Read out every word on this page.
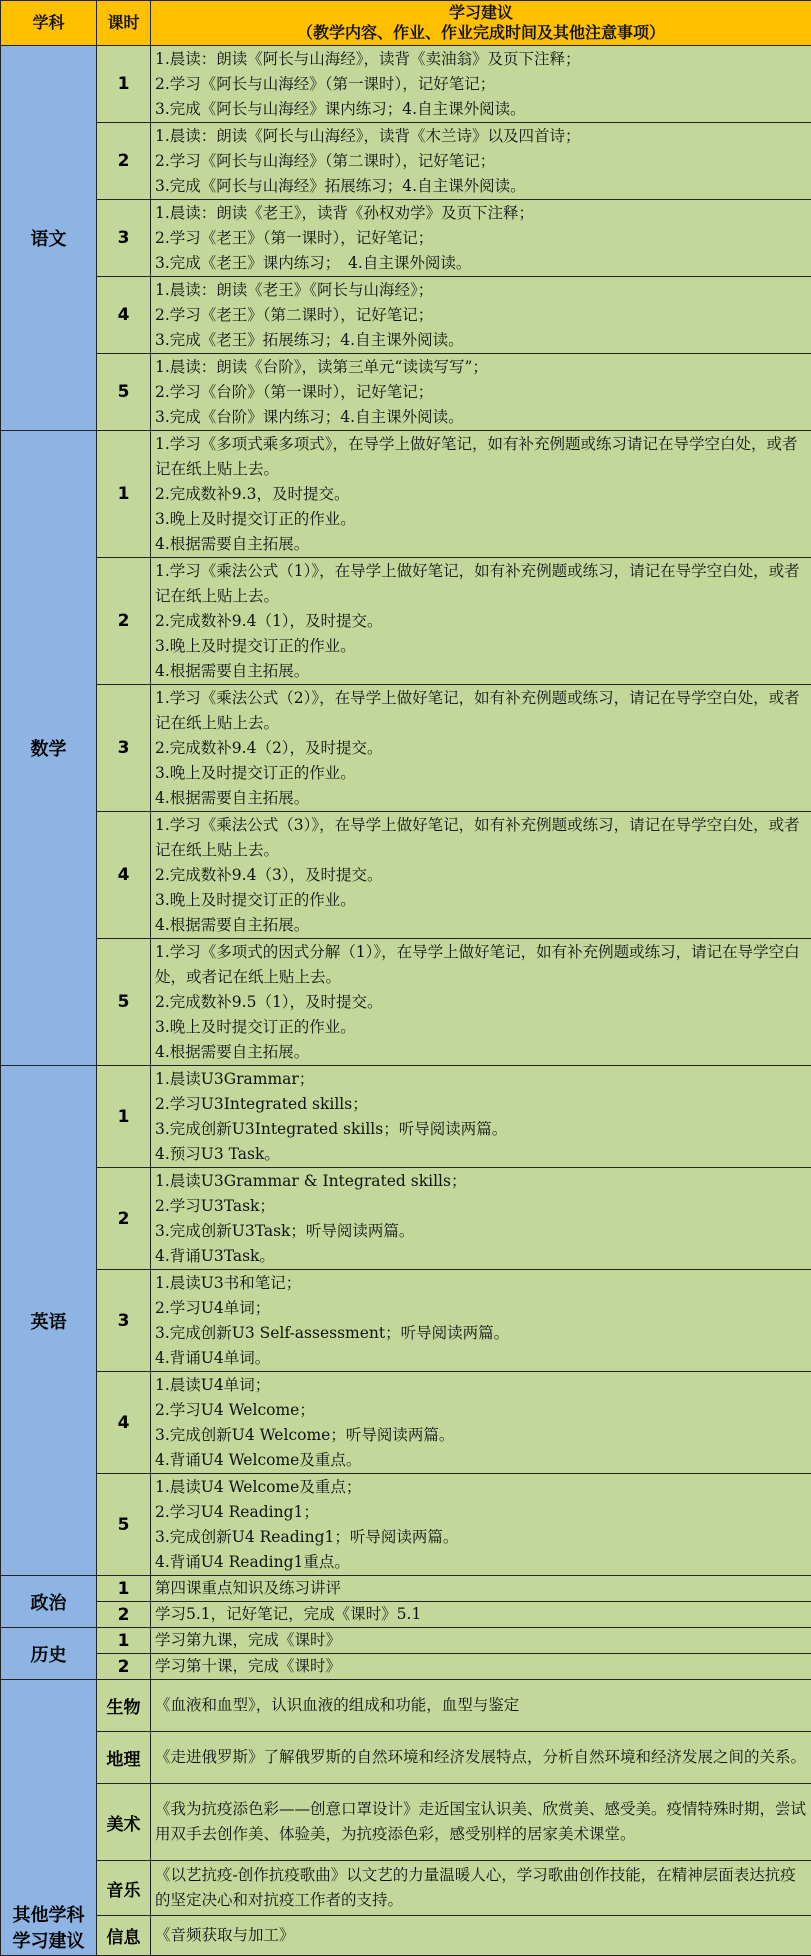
学科	课时	学习建议
（教学内容、作业、作业完成时间及其他注意事项）

语文	1	1.晨读：朗读《阿长与山海经》，读背《卖油翁》及页下注释；
2.学习《阿长与山海经》（第一课时），记好笔记；
3.完成《阿长与山海经》课内练习；4.自主课外阅读。

	2	1.晨读：朗读《阿长与山海经》，读背《木兰诗》以及四首诗；
2.学习《阿长与山海经》（第二课时），记好笔记；
3.完成《阿长与山海经》拓展练习；4.自主课外阅读。

	3	1.晨读：朗读《老王》，读背《孙权劝学》及页下注释；
2.学习《老王》（第一课时），记好笔记；
3.完成《老王》课内练习；　4.自主课外阅读。

	4	1.晨读：朗读《老王》《阿长与山海经》；
2.学习《老王》（第二课时），记好笔记；
3.完成《老王》拓展练习；4.自主课外阅读。

	5	1.晨读：朗读《台阶》，读第三单元“读读写写”；
2.学习《台阶》（第一课时），记好笔记；
3.完成《台阶》课内练习；4.自主课外阅读。

数学	1	1.学习《多项式乘多项式》，在导学上做好笔记，如有补充例题或练习请记在导学空白处，或者记在纸上贴上去。
2.完成数补9.3，及时提交。
3.晚上及时提交订正的作业。
4.根据需要自主拓展。

	2	1.学习《乘法公式（1）》，在导学上做好笔记，如有补充例题或练习，请记在导学空白处，或者记在纸上贴上去。
2.完成数补9.4（1），及时提交。
3.晚上及时提交订正的作业。
4.根据需要自主拓展。

	3	1.学习《乘法公式（2）》，在导学上做好笔记，如有补充例题或练习，请记在导学空白处，或者记在纸上贴上去。
2.完成数补9.4（2），及时提交。
3.晚上及时提交订正的作业。
4.根据需要自主拓展。

	4	1.学习《乘法公式（3）》，在导学上做好笔记，如有补充例题或练习，请记在导学空白处，或者记在纸上贴上去。
2.完成数补9.4（3），及时提交。
3.晚上及时提交订正的作业。
4.根据需要自主拓展。

	5	1.学习《多项式的因式分解（1）》，在导学上做好笔记，如有补充例题或练习，请记在导学空白处，或者记在纸上贴上去。
2.完成数补9.5（1），及时提交。
3.晚上及时提交订正的作业。
4.根据需要自主拓展。

英语	1	1.晨读U3Grammar；
2.学习U3Integrated skills；
3.完成创新U3Integrated skills；听导阅读两篇。
4.预习U3 Task。

	2	1.晨读U3Grammar & Integrated skills；
2.学习U3Task；
3.完成创新U3Task；听导阅读两篇。
4.背诵U3Task。

	3	1.晨读U3书和笔记；
2.学习U4单词；
3.完成创新U3 Self-assessment；听导阅读两篇。
4.背诵U4单词。

	4	1.晨读U4单词；
2.学习U4 Welcome；
3.完成创新U4 Welcome；听导阅读两篇。
4.背诵U4 Welcome及重点。

	5	1.晨读U4 Welcome及重点；
2.学习U4 Reading1；
3.完成创新U4 Reading1；听导阅读两篇。
4.背诵U4 Reading1重点。

政治	1	第四课重点知识及练习讲评
	2	学习5.1，记好笔记，完成《课时》5.1
历史	1	学习第九课，完成《课时》
	2	学习第十课，完成《课时》

其他学科
学习建议	生物	《血液和血型》，认识血液的组成和功能，血型与鉴定
	地理	《走进俄罗斯》了解俄罗斯的自然环境和经济发展特点，分析自然环境和经济发展之间的关系。
	美术	《我为抗疫添色彩——创意口罩设计》走近国宝认识美、欣赏美、感受美。疫情特殊时期，尝试用双手去创作美、体验美，为抗疫添色彩，感受别样的居家美术课堂。
	音乐	《以艺抗疫-创作抗疫歌曲》以文艺的力量温暖人心，学习歌曲创作技能，在精神层面表达抗疫的坚定决心和对抗疫工作者的支持。
	信息	《音频获取与加工》
